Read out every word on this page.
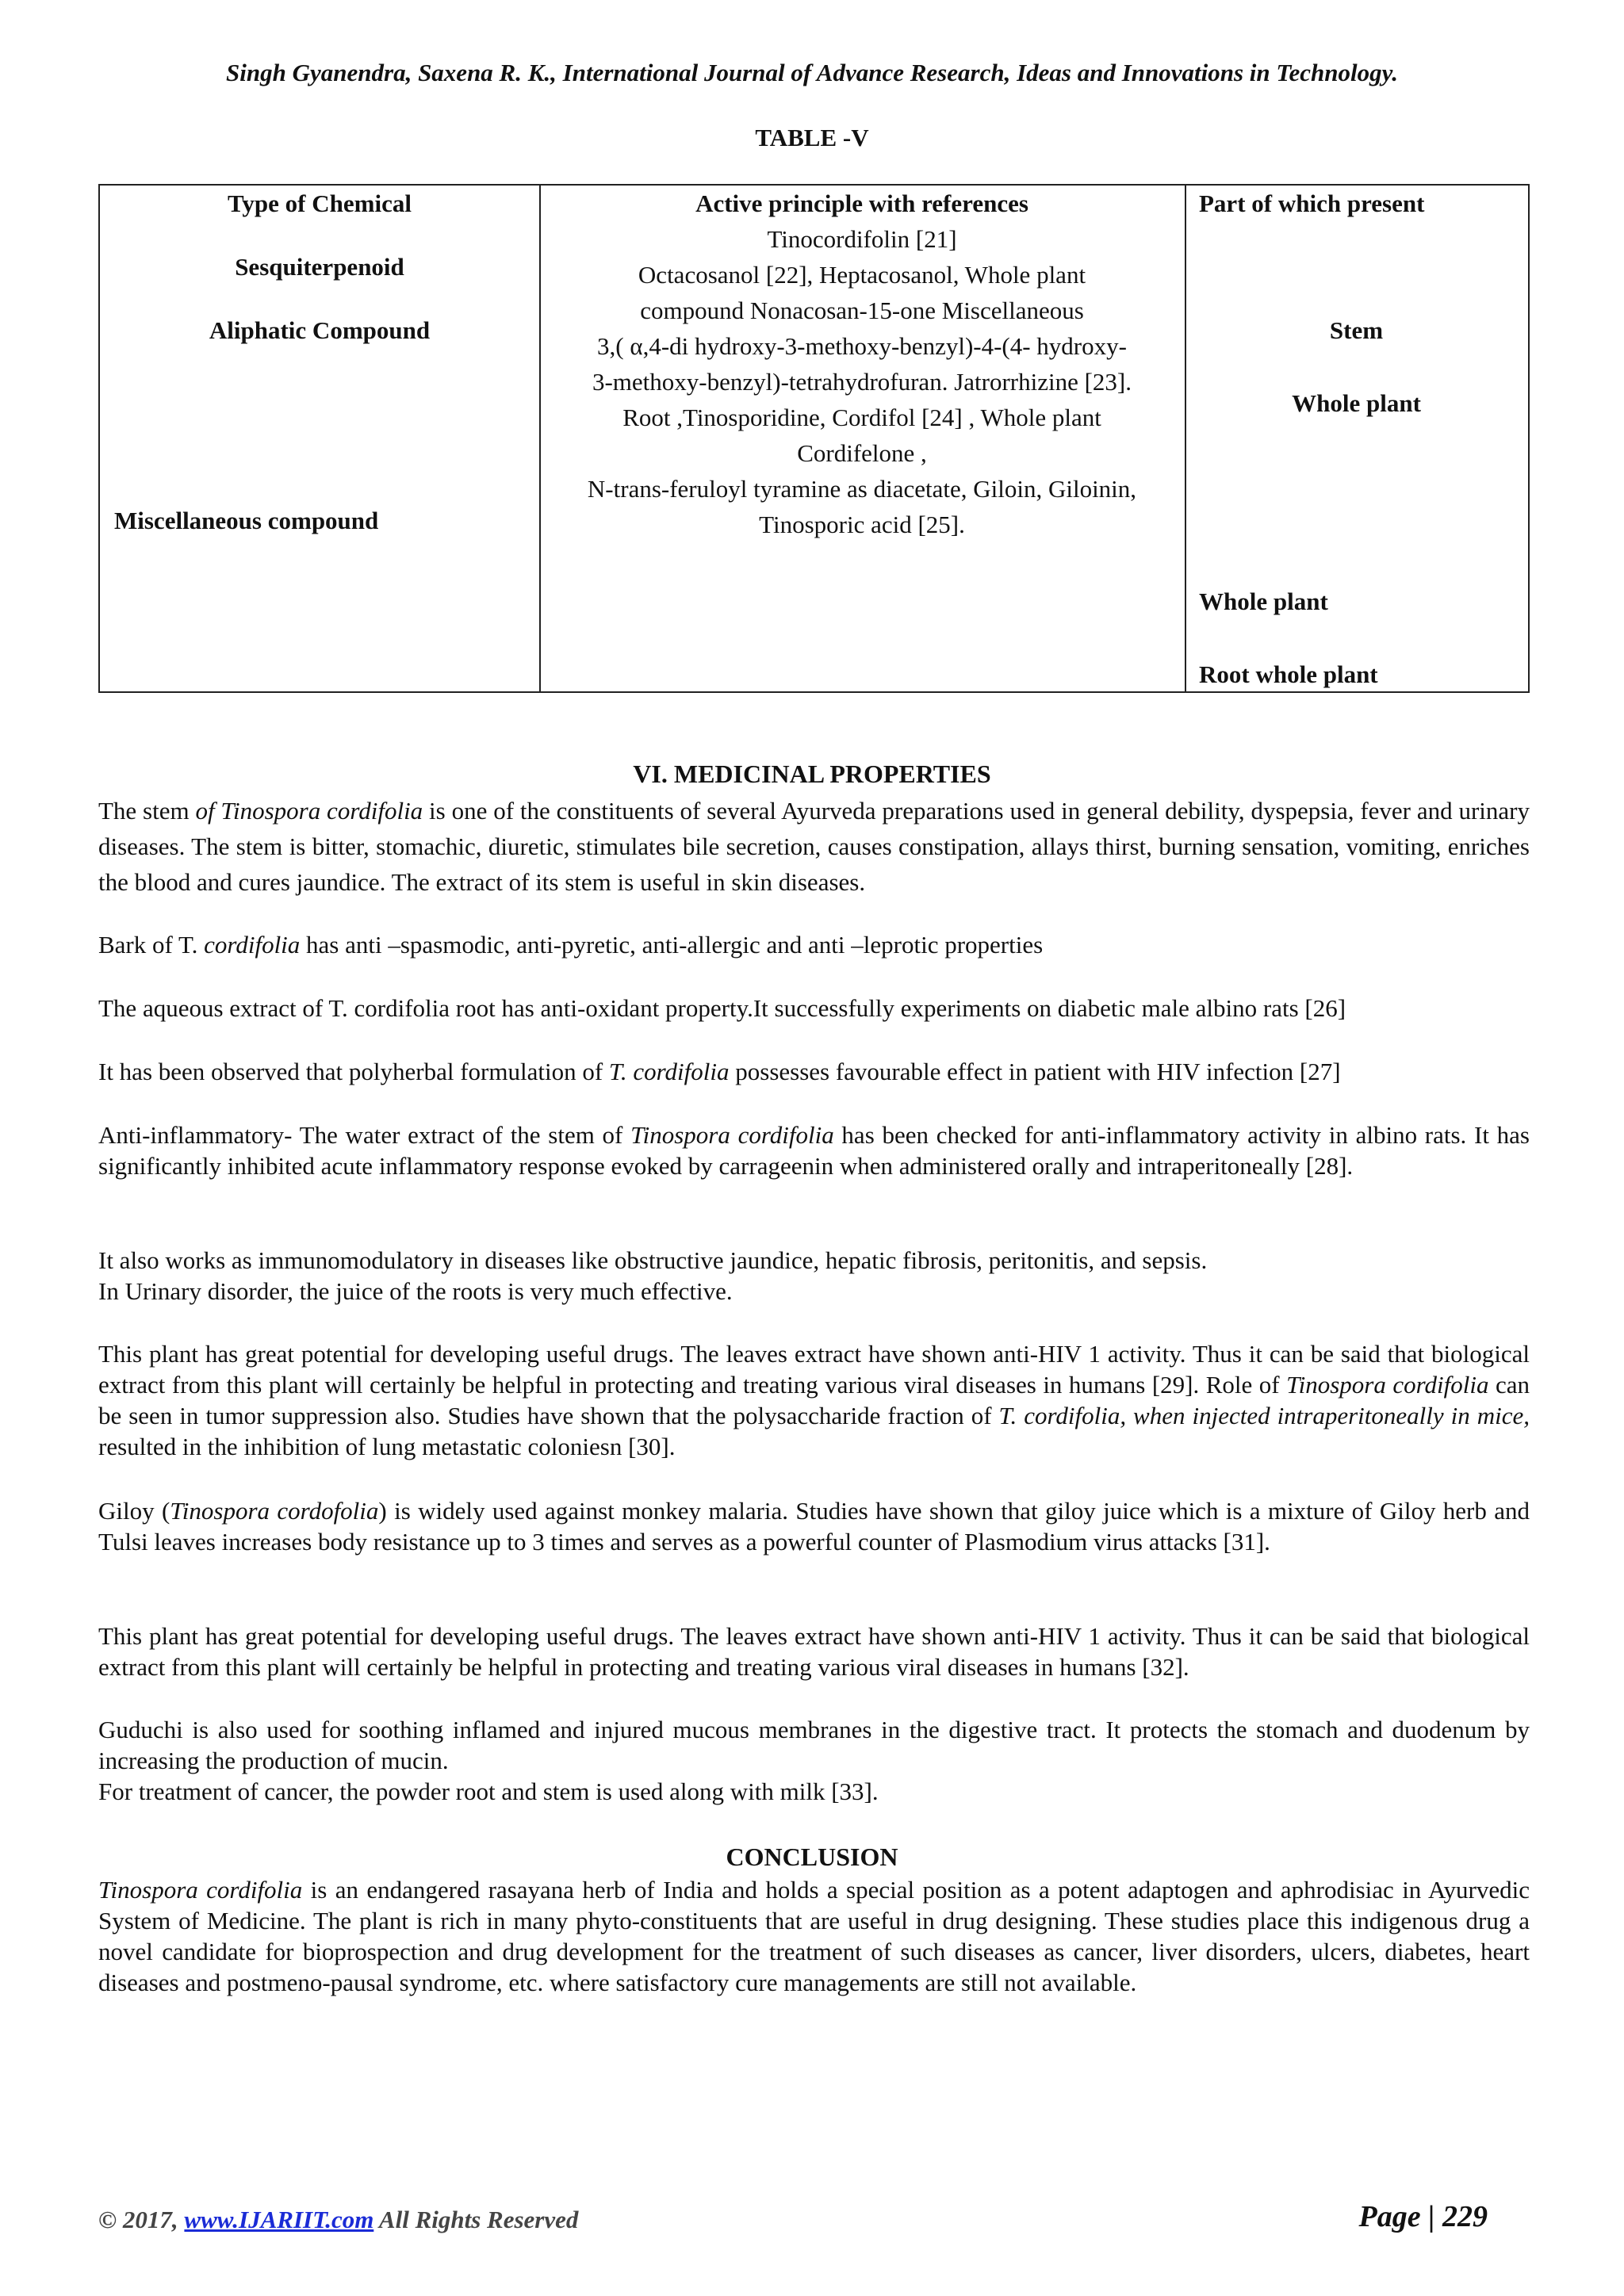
Singh Gyanendra, Saxena R. K., International Journal of Advance Research, Ideas and Innovations in Technology.
TABLE -V
Type of Chemical
Sesquiterpenoid
Aliphatic Compound
Miscellaneous compound
Active principle with references
Tinocordifolin [21]
Octacosanol [22], Heptacosanol, Whole plant
compound Nonacosan-15-one Miscellaneous
3,( α,4-di hydroxy-3-methoxy-benzyl)-4-(4- hydroxy-
3-methoxy-benzyl)-tetrahydrofuran. Jatrorrhizine [23].
Root ,Tinosporidine, Cordifol [24] , Whole plant
Cordifelone ,
N-trans-feruloyl tyramine as diacetate, Giloin, Giloinin,
Tinosporic acid [25].
Part of which present
Stem
Whole plant
Whole plant
Root whole plant
VI. MEDICINAL PROPERTIES
The stem of Tinospora cordifolia is one of the constituents of several Ayurveda preparations used in general debility, dyspepsia, fever and urinary diseases. The stem is bitter, stomachic, diuretic, stimulates bile secretion, causes constipation, allays thirst, burning sensation, vomiting, enriches the blood and cures jaundice. The extract of its stem is useful in skin diseases.
Bark of T. cordifolia has anti –spasmodic, anti-pyretic, anti-allergic and anti –leprotic properties
The aqueous extract of T. cordifolia root has anti-oxidant property.It successfully experiments on diabetic male albino rats [26]
It has been observed that polyherbal formulation of T. cordifolia possesses favourable effect in patient with HIV infection [27]
Anti-inflammatory- The water extract of the stem of Tinospora cordifolia has been checked for anti-inflammatory activity in albino rats. It has significantly inhibited acute inflammatory response evoked by carrageenin when administered orally and intraperitoneally [28].
It also works as immunomodulatory in diseases like obstructive jaundice, hepatic fibrosis, peritonitis, and sepsis.
In Urinary disorder, the juice of the roots is very much effective.
This plant has great potential for developing useful drugs. The leaves extract have shown anti-HIV 1 activity. Thus it can be said that biological extract from this plant will certainly be helpful in protecting and treating various viral diseases in humans [29]. Role of Tinospora cordifolia can be seen in tumor suppression also. Studies have shown that the polysaccharide fraction of T. cordifolia, when injected intraperitoneally in mice, resulted in the inhibition of lung metastatic coloniesn [30].
Giloy (Tinospora cordofolia) is widely used against monkey malaria. Studies have shown that giloy juice which is a mixture of Giloy herb and Tulsi leaves increases body resistance up to 3 times and serves as a powerful counter of Plasmodium virus attacks [31].
This plant has great potential for developing useful drugs. The leaves extract have shown anti-HIV 1 activity. Thus it can be said that biological extract from this plant will certainly be helpful in protecting and treating various viral diseases in humans [32].
Guduchi is also used for soothing inflamed and injured mucous membranes in the digestive tract. It protects the stomach and duodenum by increasing the production of mucin.
For treatment of cancer, the powder root and stem is used along with milk [33].
CONCLUSION
Tinospora cordifolia is an endangered rasayana herb of India and holds a special position as a potent adaptogen and aphrodisiac in Ayurvedic System of Medicine. The plant is rich in many phyto-constituents that are useful in drug designing. These studies place this indigenous drug a novel candidate for bioprospection and drug development for the treatment of such diseases as cancer, liver disorders, ulcers, diabetes, heart diseases and postmeno-pausal syndrome, etc. where satisfactory cure managements are still not available.
© 2017, www.IJARIIT.com All Rights Reserved	Page | 229
